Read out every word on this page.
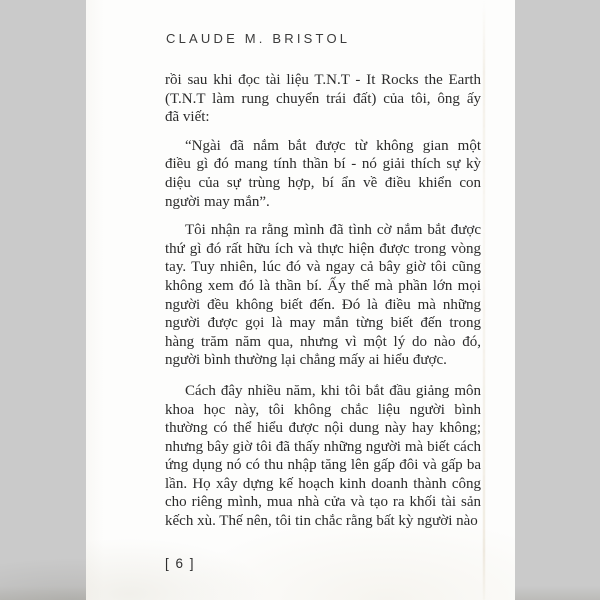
CLAUDE M. BRISTOL
rồi sau khi đọc tài liệu T.N.T - It Rocks the Earth
(T.N.T làm rung chuyển trái đất) của tôi, ông ấy
đã viết:
“Ngài đã nắm bắt được từ không gian một
điều gì đó mang tính thần bí - nó giải thích sự kỳ
diệu của sự trùng hợp, bí ẩn về điều khiển con
người may mắn”.
Tôi nhận ra rằng mình đã tình cờ nắm bắt được
thứ gì đó rất hữu ích và thực hiện được trong vòng
tay. Tuy nhiên, lúc đó và ngay cả bây giờ tôi cũng
không xem đó là thần bí. Ấy thế mà phần lớn mọi
người đều không biết đến. Đó là điều mà những
người được gọi là may mắn từng biết đến trong
hàng trăm năm qua, nhưng vì một lý do nào đó,
người bình thường lại chẳng mấy ai hiểu được.
Cách đây nhiều năm, khi tôi bắt đầu giảng môn
khoa học này, tôi không chắc liệu người bình
thường có thể hiểu được nội dung này hay không;
nhưng bây giờ tôi đã thấy những người mà biết cách
ứng dụng nó có thu nhập tăng lên gấp đôi và gấp ba
lần. Họ xây dựng kế hoạch kinh doanh thành công
cho riêng mình, mua nhà cửa và tạo ra khối tài sản
kếch xù. Thế nên, tôi tin chắc rằng bất kỳ người nào
[ 6 ]
